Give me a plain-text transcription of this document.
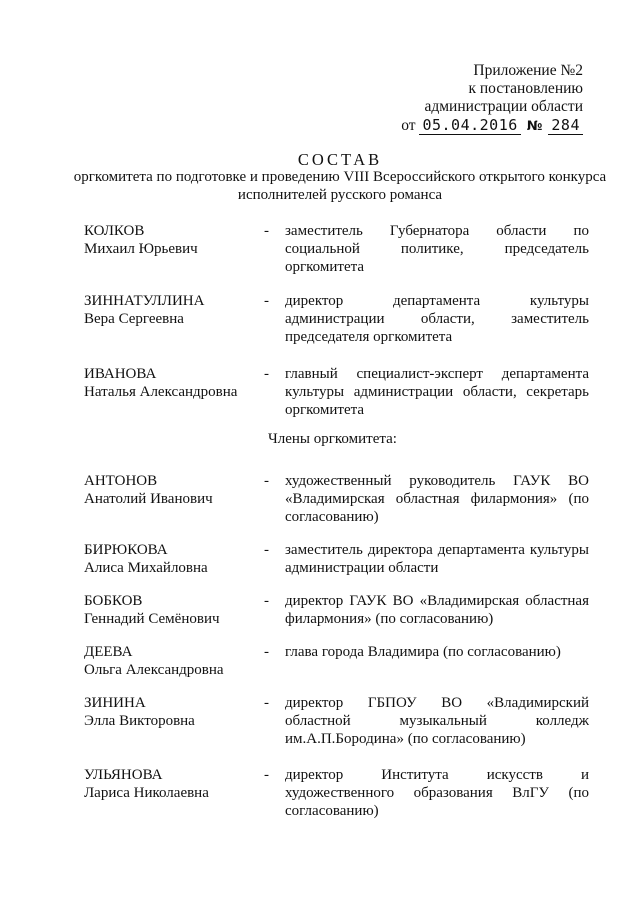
Приложение №2
к постановлению
администрации области
от 05.04.2016 № 284
СОСТАВ
оргкомитета по подготовке и проведению VIII Всероссийского открытого конкурса исполнителей русского романса
КОЛКОВ
Михаил Юрьевич
- заместитель Губернатора области по социальной политике, председатель оргкомитета
ЗИННАТУЛЛИНА
Вера Сергеевна
- директор департамента культуры администрации области, заместитель председателя оргкомитета
ИВАНОВА
Наталья Александровна
- главный специалист-эксперт департамента культуры администрации области, секретарь оргкомитета
Члены оргкомитета:
АНТОНОВ
Анатолий Иванович
- художественный руководитель ГАУК ВО «Владимирская областная филармония» (по согласованию)
БИРЮКОВА
Алиса Михайловна
- заместитель директора департамента культуры администрации области
БОБКОВ
Геннадий Семёнович
- директор ГАУК ВО «Владимирская областная филармония» (по согласованию)
ДЕЕВА
Ольга Александровна
- глава города Владимира (по согласованию)
ЗИНИНА
Элла Викторовна
- директор ГБПОУ ВО «Владимирский областной музыкальный колледж им.А.П.Бородина» (по согласованию)
УЛЬЯНОВА
Лариса Николаевна
- директор Института искусств и художественного образования ВлГУ (по согласованию)
